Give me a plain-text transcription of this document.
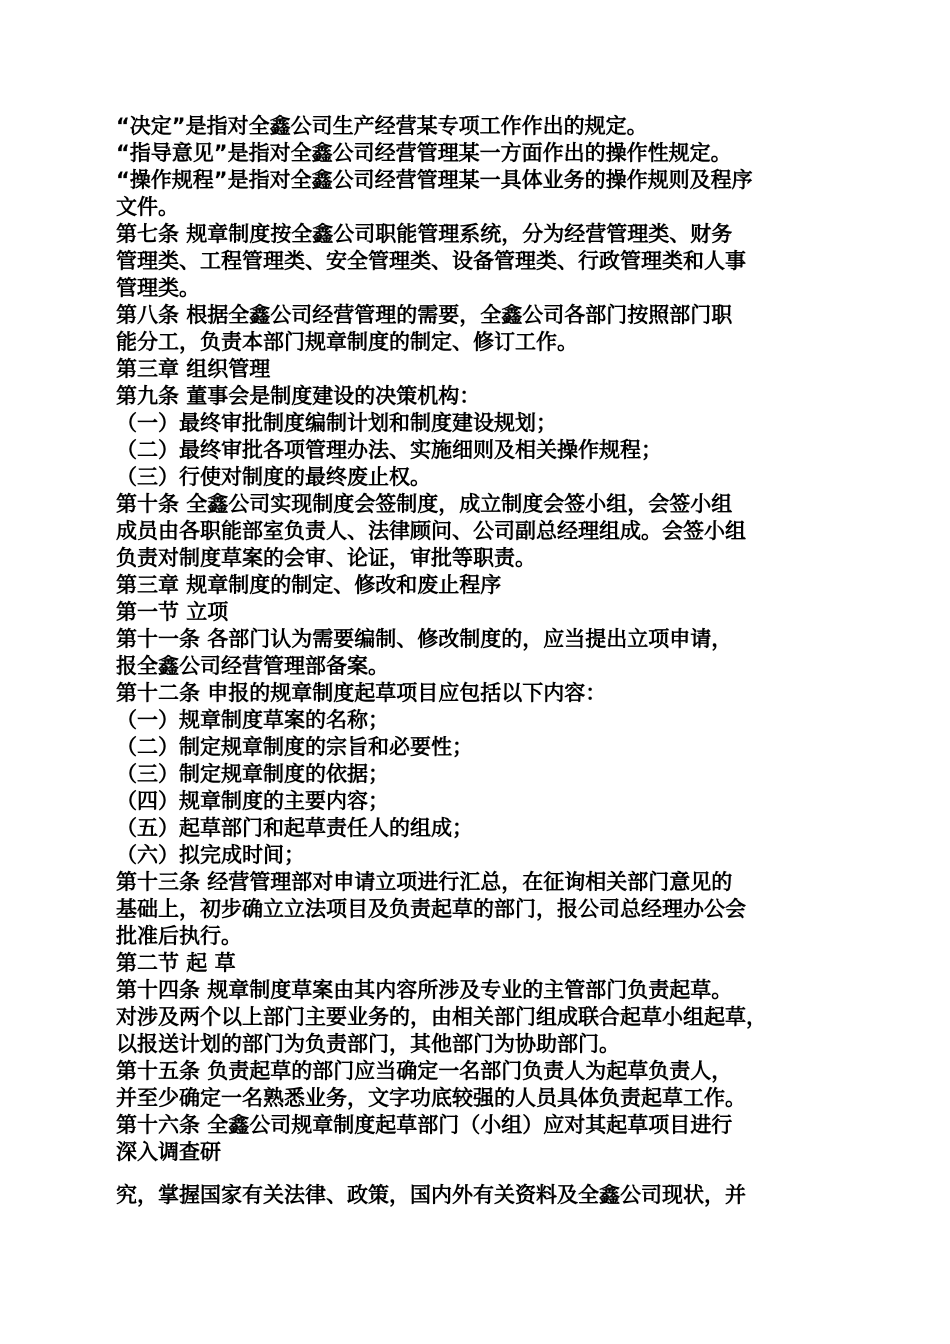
“决定”是指对全鑫公司生产经营某专项工作作出的规定。
“指导意见”是指对全鑫公司经营管理某一方面作出的操作性规定。
“操作规程”是指对全鑫公司经营管理某一具体业务的操作规则及程序
文件。
第七条 规章制度按全鑫公司职能管理系统，分为经营管理类、财务
管理类、工程管理类、安全管理类、设备管理类、行政管理类和人事
管理类。
第八条 根据全鑫公司经营管理的需要，全鑫公司各部门按照部门职
能分工，负责本部门规章制度的制定、修订工作。
第三章 组织管理
第九条 董事会是制度建设的决策机构：
（一）最终审批制度编制计划和制度建设规划；
（二）最终审批各项管理办法、实施细则及相关操作规程；
（三）行使对制度的最终废止权。
第十条 全鑫公司实现制度会签制度，成立制度会签小组，会签小组
成员由各职能部室负责人、法律顾问、公司副总经理组成。会签小组
负责对制度草案的会审、论证，审批等职责。
第三章 规章制度的制定、修改和废止程序
第一节 立项
第十一条 各部门认为需要编制、修改制度的，应当提出立项申请，
报全鑫公司经营管理部备案。
第十二条 申报的规章制度起草项目应包括以下内容：
（一）规章制度草案的名称；
（二）制定规章制度的宗旨和必要性；
（三）制定规章制度的依据；
（四）规章制度的主要内容；
（五）起草部门和起草责任人的组成；
（六）拟完成时间；
第十三条 经营管理部对申请立项进行汇总，在征询相关部门意见的
基础上，初步确立立法项目及负责起草的部门，报公司总经理办公会
批准后执行。
第二节 起 草
第十四条 规章制度草案由其内容所涉及专业的主管部门负责起草。
对涉及两个以上部门主要业务的，由相关部门组成联合起草小组起草，
以报送计划的部门为负责部门，其他部门为协助部门。
第十五条 负责起草的部门应当确定一名部门负责人为起草负责人，
并至少确定一名熟悉业务，文字功底较强的人员具体负责起草工作。
第十六条 全鑫公司规章制度起草部门（小组）应对其起草项目进行
深入调查研
究，掌握国家有关法律、政策，国内外有关资料及全鑫公司现状，并
